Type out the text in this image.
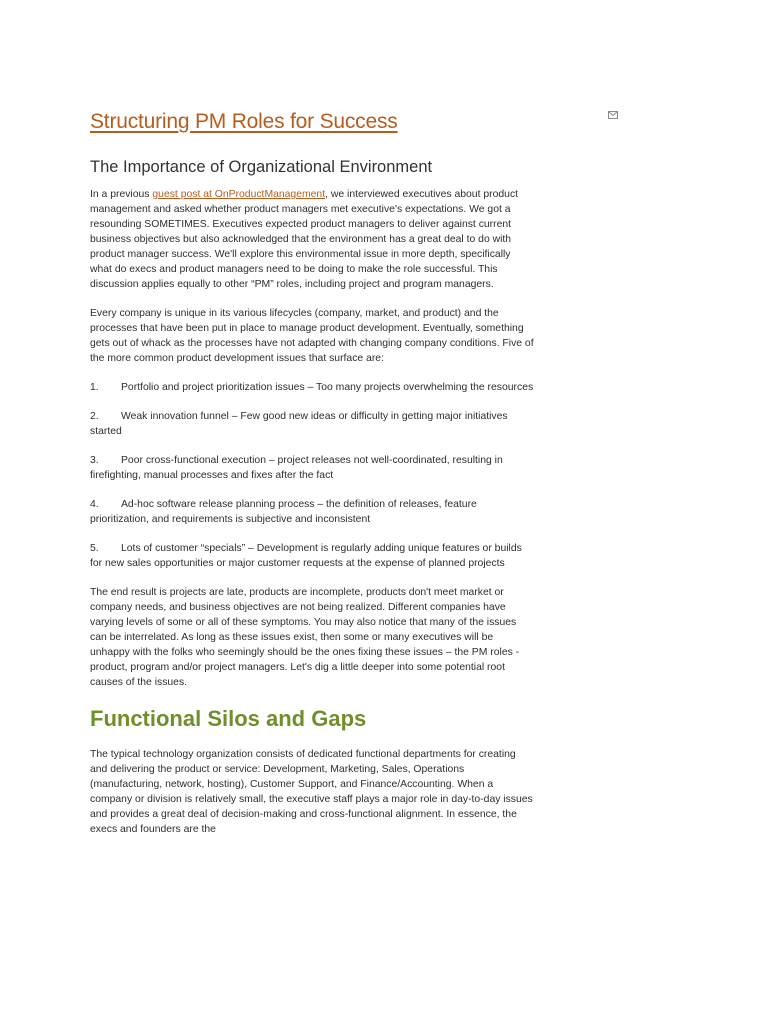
Structuring PM Roles for Success
The Importance of Organizational Environment

In a previous guest post at OnProductManagement, we interviewed executives about product management and asked whether product managers met executive's expectations. We got a resounding SOMETIMES. Executives expected product managers to deliver against current business objectives but also acknowledged that the environment has a great deal to do with product manager success. We'll explore this environmental issue in more depth, specifically what do execs and product managers need to be doing to make the role successful. This discussion applies equally to other “PM” roles, including project and program managers.

Every company is unique in its various lifecycles (company, market, and product) and the processes that have been put in place to manage product development. Eventually, something gets out of whack as the processes have not adapted with changing company conditions. Five of the more common product development issues that surface are:

1. Portfolio and project prioritization issues – Too many projects overwhelming the resources

2. Weak innovation funnel – Few good new ideas or difficulty in getting major initiatives started

3. Poor cross-functional execution – project releases not well-coordinated, resulting in firefighting, manual processes and fixes after the fact

4. Ad-hoc software release planning process – the definition of releases, feature prioritization, and requirements is subjective and inconsistent

5. Lots of customer “specials” – Development is regularly adding unique features or builds for new sales opportunities or major customer requests at the expense of planned projects

The end result is projects are late, products are incomplete, products don't meet market or company needs, and business objectives are not being realized. Different companies have varying levels of some or all of these symptoms. You may also notice that many of the issues can be interrelated. As long as these issues exist, then some or many executives will be unhappy with the folks who seemingly should be the ones fixing these issues – the PM roles - product, program and/or project managers. Let's dig a little deeper into some potential root causes of the issues.

Functional Silos and Gaps

The typical technology organization consists of dedicated functional departments for creating and delivering the product or service: Development, Marketing, Sales, Operations (manufacturing, network, hosting), Customer Support, and Finance/Accounting. When a company or division is relatively small, the executive staff plays a major role in day-to-day issues and provides a great deal of decision-making and cross-functional alignment. In essence, the execs and founders are the
